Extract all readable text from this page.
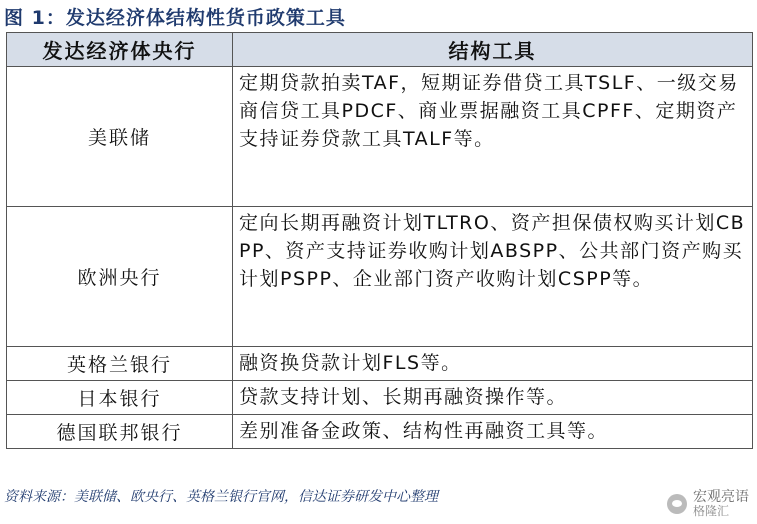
图 1：发达经济体结构性货币政策工具
发达经济体央行	结构工具
美联储	定期贷款拍卖TAF，短期证券借贷工具TSLF、一级交易商信贷工具PDCF、商业票据融资工具CPFF、定期资产支持证券贷款工具TALF等。
欧洲央行	定向长期再融资计划TLTRO、资产担保债权购买计划CBPP、资产支持证券收购计划ABSPP、公共部门资产购买计划PSPP、企业部门资产收购计划CSPP等。
英格兰银行	融资换贷款计划FLS等。
日本银行	贷款支持计划、长期再融资操作等。
德国联邦银行	差别准备金政策、结构性再融资工具等。
资料来源：美联储、欧央行、英格兰银行官网，信达证券研发中心整理	宏观亮语
格隆汇
